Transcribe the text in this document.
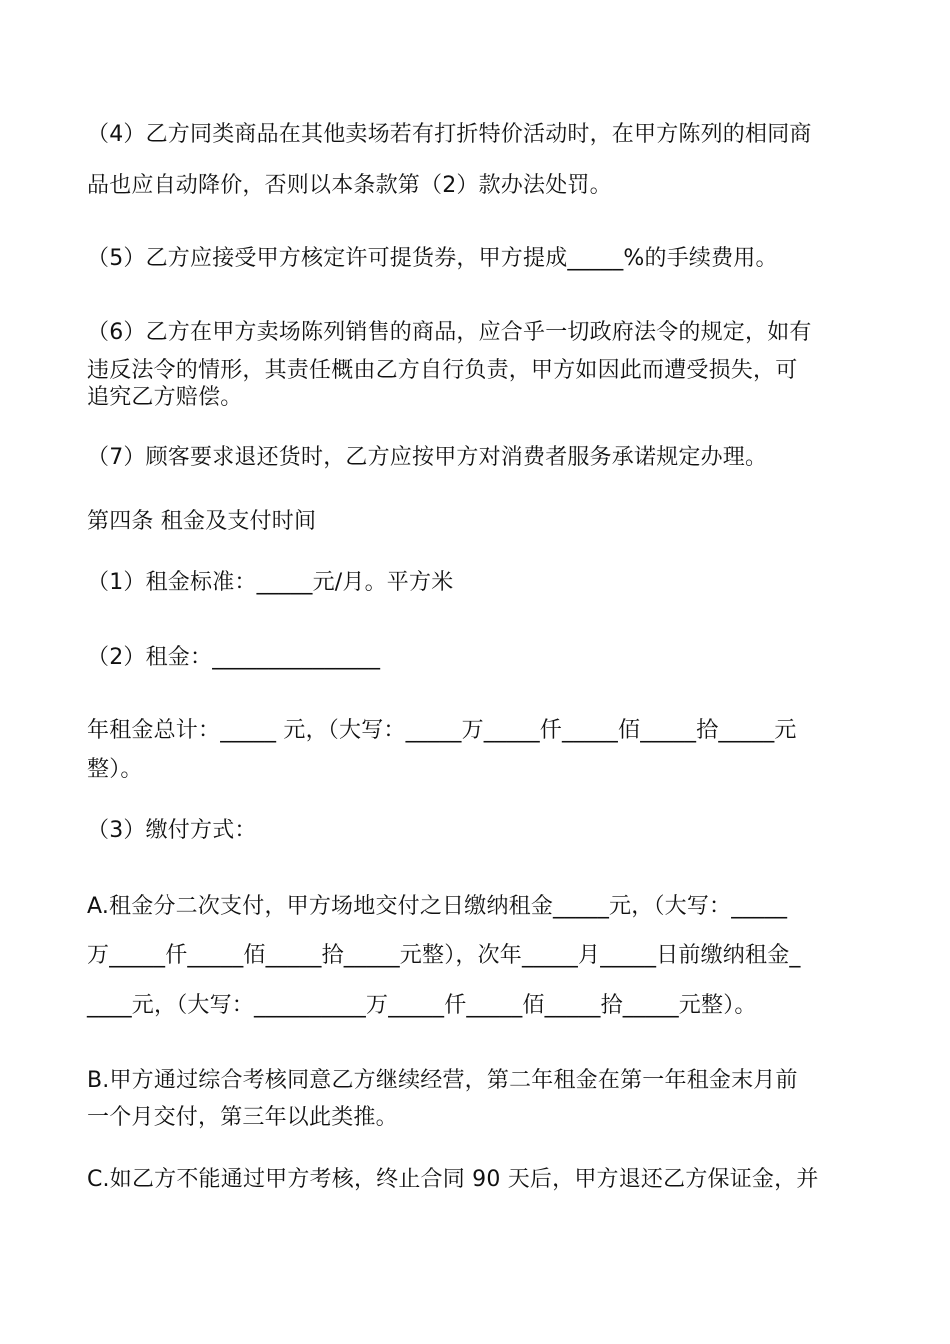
（4）乙方同类商品在其他卖场若有打折特价活动时，在甲方陈列的相同商
品也应自动降价，否则以本条款第（2）款办法处罚。
（5）乙方应接受甲方核定许可提货券，甲方提成_____%的手续费用。
（6）乙方在甲方卖场陈列销售的商品，应合乎一切政府法令的规定，如有
违反法令的情形，其责任概由乙方自行负责，甲方如因此而遭受损失，可
追究乙方赔偿。
（7）顾客要求退还货时，乙方应按甲方对消费者服务承诺规定办理。
第四条 租金及支付时间
（1）租金标准：_____元/月。平方米
（2）租金：_______________
年租金总计：_____ 元，（大写：_____万_____仟_____佰_____拾_____元
整）。
（3）缴付方式：
A.租金分二次支付，甲方场地交付之日缴纳租金_____元，（大写：_____
万_____仟_____佰_____拾_____元整），次年_____月_____日前缴纳租金_
____元，（大写：__________万_____仟_____佰_____拾_____元整）。
B.甲方通过综合考核同意乙方继续经营，第二年租金在第一年租金末月前
一个月交付，第三年以此类推。
C.如乙方不能通过甲方考核，终止合同 90 天后，甲方退还乙方保证金，并
